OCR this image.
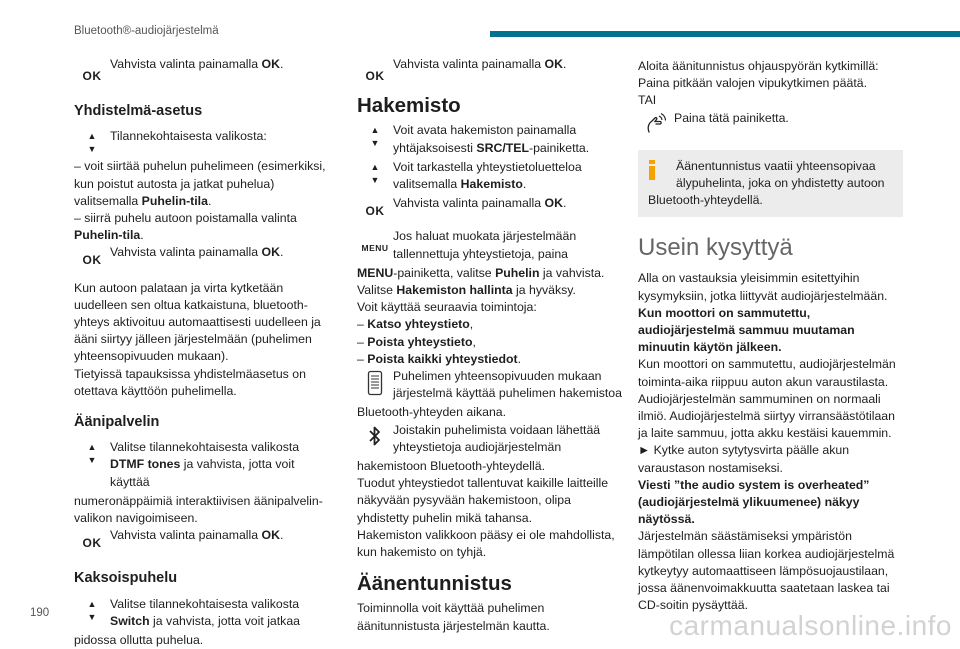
Bluetooth®-audiojärjestelmä
OK

Vahvista valinta painamalla OK.

Yhdistelmä-asetus
▲
▼

Tilannekohtaisesta valikosta:

– voit siirtää puhelun puhelimeen (esimerkiksi, kun poistut autosta ja jatkat puhelua) valitsemalla Puhelin-tila.

– siirrä puhelu autoon poistamalla valinta Puhelin-tila.

OK

Vahvista valinta painamalla OK.

Kun autoon palataan ja virta kytketään uudelleen sen oltua katkaistuna, bluetooth-yhteys aktivoituu automaattisesti uudelleen ja ääni siirtyy jälleen järjestelmään (puhelimen yhteensopivuuden mukaan).

Tietyissä tapauksissa yhdistelmäasetus on otettava käyttöön puhelimella.

Äänipalvelin
▲
▼

Valitse tilannekohtaisesta valikosta DTMF tones ja vahvista, jotta voit käyttää

numeronäppäimiä interaktiivisen äänipalvelin-valikon navigoimiseen.

OK

Vahvista valinta painamalla OK.

Kaksoispuhelu
▲
▼

Valitse tilannekohtaisesta valikosta Switch ja vahvista, jotta voit jatkaa

pidossa ollutta puhelua.

OK

Vahvista valinta painamalla OK.

Hakemisto
▲
▼

Voit avata hakemiston painamalla yhtäjaksoisesti SRC/TEL-painiketta.

▲
▼

Voit tarkastella yhteystietoluetteloa valitsemalla Hakemisto.

OK

Vahvista valinta painamalla OK.

MENU

Jos haluat muokata järjestelmään tallennettuja yhteystietoja, paina

MENU-painiketta, valitse Puhelin ja vahvista.

Valitse Hakemiston hallinta ja hyväksy.

Voit käyttää seuraavia toimintoja:

– Katso yhteystieto,

– Poista yhteystieto,

– Poista kaikki yhteystiedot.

Puhelimen yhteensopivuuden mukaan järjestelmä käyttää puhelimen hakemistoa

Bluetooth-yhteyden aikana.

Joistakin puhelimista voidaan lähettää yhteystietoja audiojärjestelmän

hakemistoon Bluetooth-yhteydellä.

Tuodut yhteystiedot tallentuvat kaikille laitteille näkyvään pysyvään hakemistoon, olipa yhdistetty puhelin mikä tahansa.

Hakemiston valikkoon pääsy ei ole mahdollista, kun hakemisto on tyhjä.

Äänentunnistus

Toiminnolla voit käyttää puhelimen äänitunnistusta järjestelmän kautta.

Aloita äänitunnistus ohjauspyörän kytkimillä: Paina pitkään valojen vipukytkimen päätä.

TAI

Paina tätä painiketta.

Äänentunnistus vaatii yhteensopivaa älypuhelinta, joka on yhdistetty autoon

Bluetooth-yhteydellä.

Usein kysyttyä

Alla on vastauksia yleisimmin esitettyihin kysymyksiin, jotka liittyvät audiojärjestelmään.

Kun moottori on sammutettu, audiojärjestelmä sammuu muutaman minuutin käytön jälkeen.

Kun moottori on sammutettu, audiojärjestelmän toiminta-aika riippuu auton akun varaustilasta. Audiojärjestelmän sammuminen on normaali ilmiö. Audiojärjestelmä siirtyy virransäästötilaan ja laite sammuu, jotta akku kestäisi kauemmin.

► Kytke auton sytytysvirta päälle akun varaustason nostamiseksi.

Viesti ”the audio system is overheated” (audiojärjestelmä ylikuumenee) näkyy näytössä.

Järjestelmän säästämiseksi ympäristön lämpötilan ollessa liian korkea audiojärjestelmä kytkeytyy automaattiseen lämpösuojaustilaan, jossa äänenvoimakkuutta saatetaan laskea tai CD-soitin pysäyttää.

190	carmanualsonline.info
